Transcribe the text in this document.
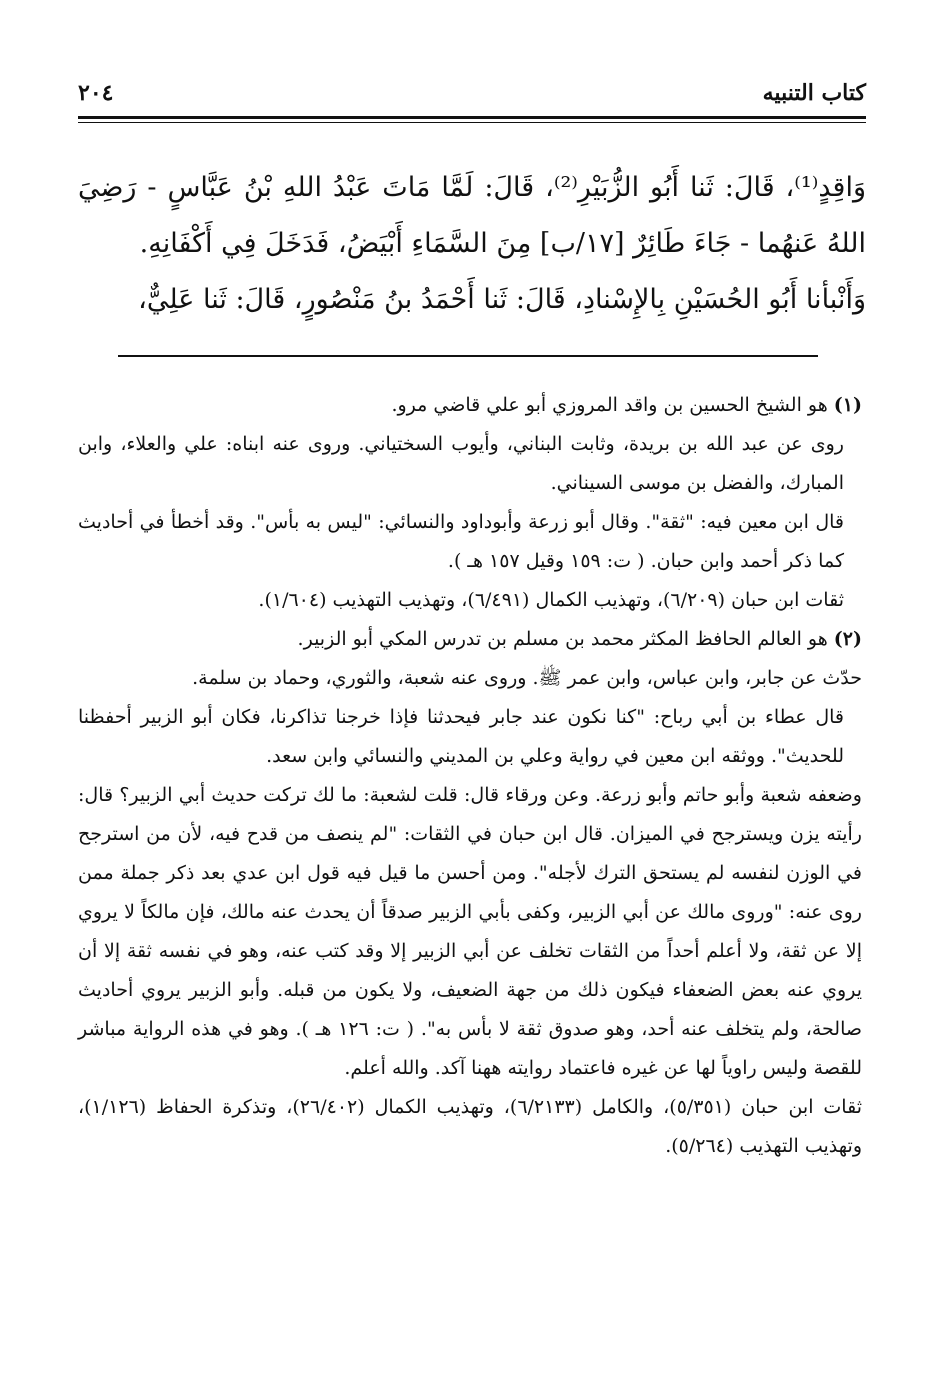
كتاب التنبيه
٢٠٤

وَاقِدٍ⁽¹⁾، قَالَ: ثَنا أَبُو الزُّبَيْرِ⁽²⁾، قَالَ: لَمَّا مَاتَ عَبْدُ اللهِ بْنُ عَبَّاسٍ - رَضِيَ اللهُ عَنهُما - جَاءَ طَائِرٌ [١٧/ب] مِنَ السَّمَاءِ أَبْيَضُ، فَدَخَلَ فِي أَكْفَانِهِ.

وَأَنْبأنا أَبُو الحُسَيْنِ بِالإِسْنادِ، قَالَ: ثَنا أَحْمَدُ بنُ مَنْصُورٍ، قَالَ: ثَنا عَلِيٌّ،

(١) هو الشيخ الحسين بن واقد المروزي أبو علي قاضي مرو.

روى عن عبد الله بن بريدة، وثابت البناني، وأيوب السختياني. وروى عنه ابناه: علي والعلاء، وابن المبارك، والفضل بن موسى السيناني.

قال ابن معين فيه: "ثقة". وقال أبو زرعة وأبوداود والنسائي: "ليس به بأس". وقد أخطأ في أحاديث كما ذكر أحمد وابن حبان. ( ت: ١٥٩ وقيل ١٥٧ هـ ).

ثقات ابن حبان (٦/٢٠٩)، وتهذيب الكمال (٦/٤٩١)، وتهذيب التهذيب (١/٦٠٤).

(٢) هو العالم الحافظ المكثر محمد بن مسلم بن تدرس المكي أبو الزبير.

حدّث عن جابر، وابن عباس، وابن عمر ﷺ. وروى عنه شعبة، والثوري، وحماد بن سلمة.

قال عطاء بن أبي رباح: "كنا نكون عند جابر فيحدثنا فإذا خرجنا تذاكرنا، فكان أبو الزبير أحفظنا للحديث". ووثقه ابن معين في رواية وعلي بن المديني والنسائي وابن سعد.

وضعفه شعبة وأبو حاتم وأبو زرعة. وعن ورقاء قال: قلت لشعبة: ما لك تركت حديث أبي الزبير؟ قال: رأيته يزن ويسترجح في الميزان. قال ابن حبان في الثقات: "لم ينصف من قدح فيه، لأن من استرجح في الوزن لنفسه لم يستحق الترك لأجله". ومن أحسن ما قيل فيه قول ابن عدي بعد ذكر جملة ممن روى عنه: "وروى مالك عن أبي الزبير، وكفى بأبي الزبير صدقاً أن يحدث عنه مالك، فإن مالكاً لا يروي إلا عن ثقة، ولا أعلم أحداً من الثقات تخلف عن أبي الزبير إلا وقد كتب عنه، وهو في نفسه ثقة إلا أن يروي عنه بعض الضعفاء فيكون ذلك من جهة الضعيف، ولا يكون من قبله. وأبو الزبير يروي أحاديث صالحة، ولم يتخلف عنه أحد، وهو صدوق ثقة لا بأس به". ( ت: ١٢٦ هـ ). وهو في هذه الرواية مباشر للقصة وليس راوياً لها عن غيره فاعتماد روايته ههنا آكد. والله أعلم.

ثقات ابن حبان (٥/٣٥١)، والكامل (٦/٢١٣٣)، وتهذيب الكمال (٢٦/٤٠٢)، وتذكرة الحفاظ (١/١٢٦)، وتهذيب التهذيب (٥/٢٦٤).
